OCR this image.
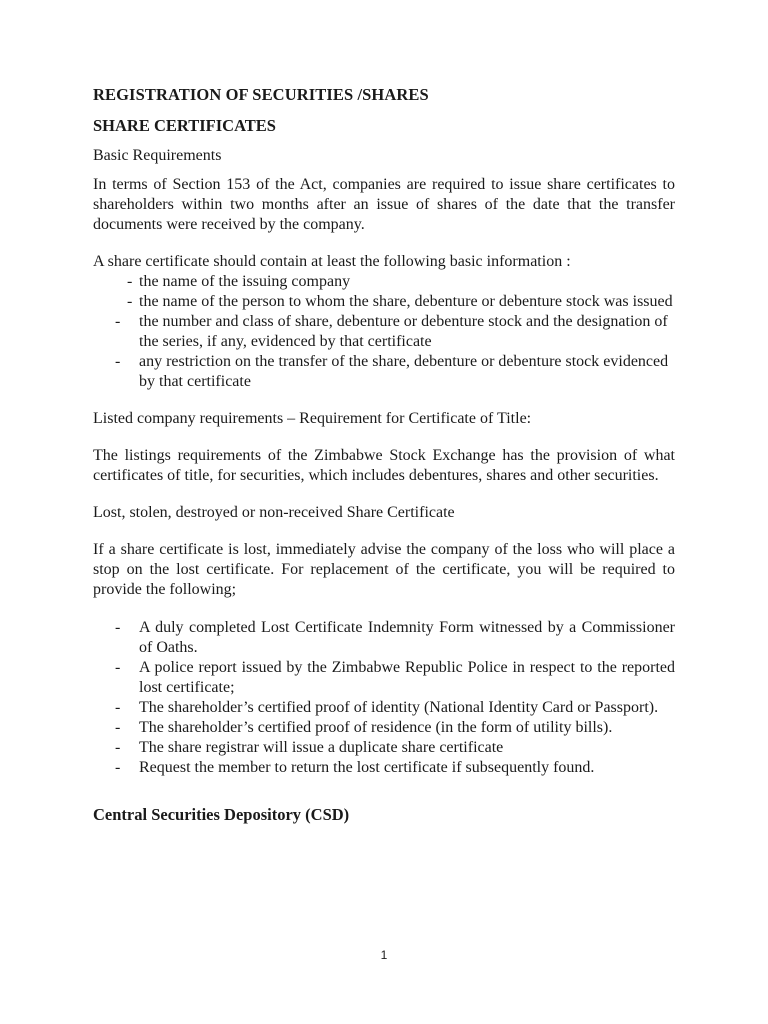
REGISTRATION OF SECURITIES /SHARES
SHARE CERTIFICATES
Basic Requirements

In terms of Section 153 of the Act, companies are required to issue share certificates to shareholders within two months after an issue of shares of the date that the transfer documents were received by the company.

A share certificate should contain at least the following basic information :

- the name of the issuing company
- the name of the person to whom the share, debenture or debenture stock was issued
- the number and class of share, debenture or debenture stock and the designation of the series, if any, evidenced by that certificate
- any restriction on the transfer of the share, debenture or debenture stock evidenced by that certificate

Listed company requirements – Requirement for Certificate of Title:

The listings requirements of the Zimbabwe Stock Exchange has the provision of what certificates of title, for securities, which includes debentures, shares and other securities.

Lost, stolen, destroyed or non-received Share Certificate

If a share certificate is lost, immediately advise the company of the loss who will place a stop on the lost certificate. For replacement of the certificate, you will be required to provide the following;

- A duly completed Lost Certificate Indemnity Form witnessed by a Commissioner of Oaths.
- A police report issued by the Zimbabwe Republic Police in respect to the reported lost certificate;
- The shareholder’s certified proof of identity (National Identity Card or Passport).
- The shareholder’s certified proof of residence (in the form of utility bills).
- The share registrar will issue a duplicate share certificate
- Request the member to return the lost certificate if subsequently found.
Central Securities Depository (CSD)
1
